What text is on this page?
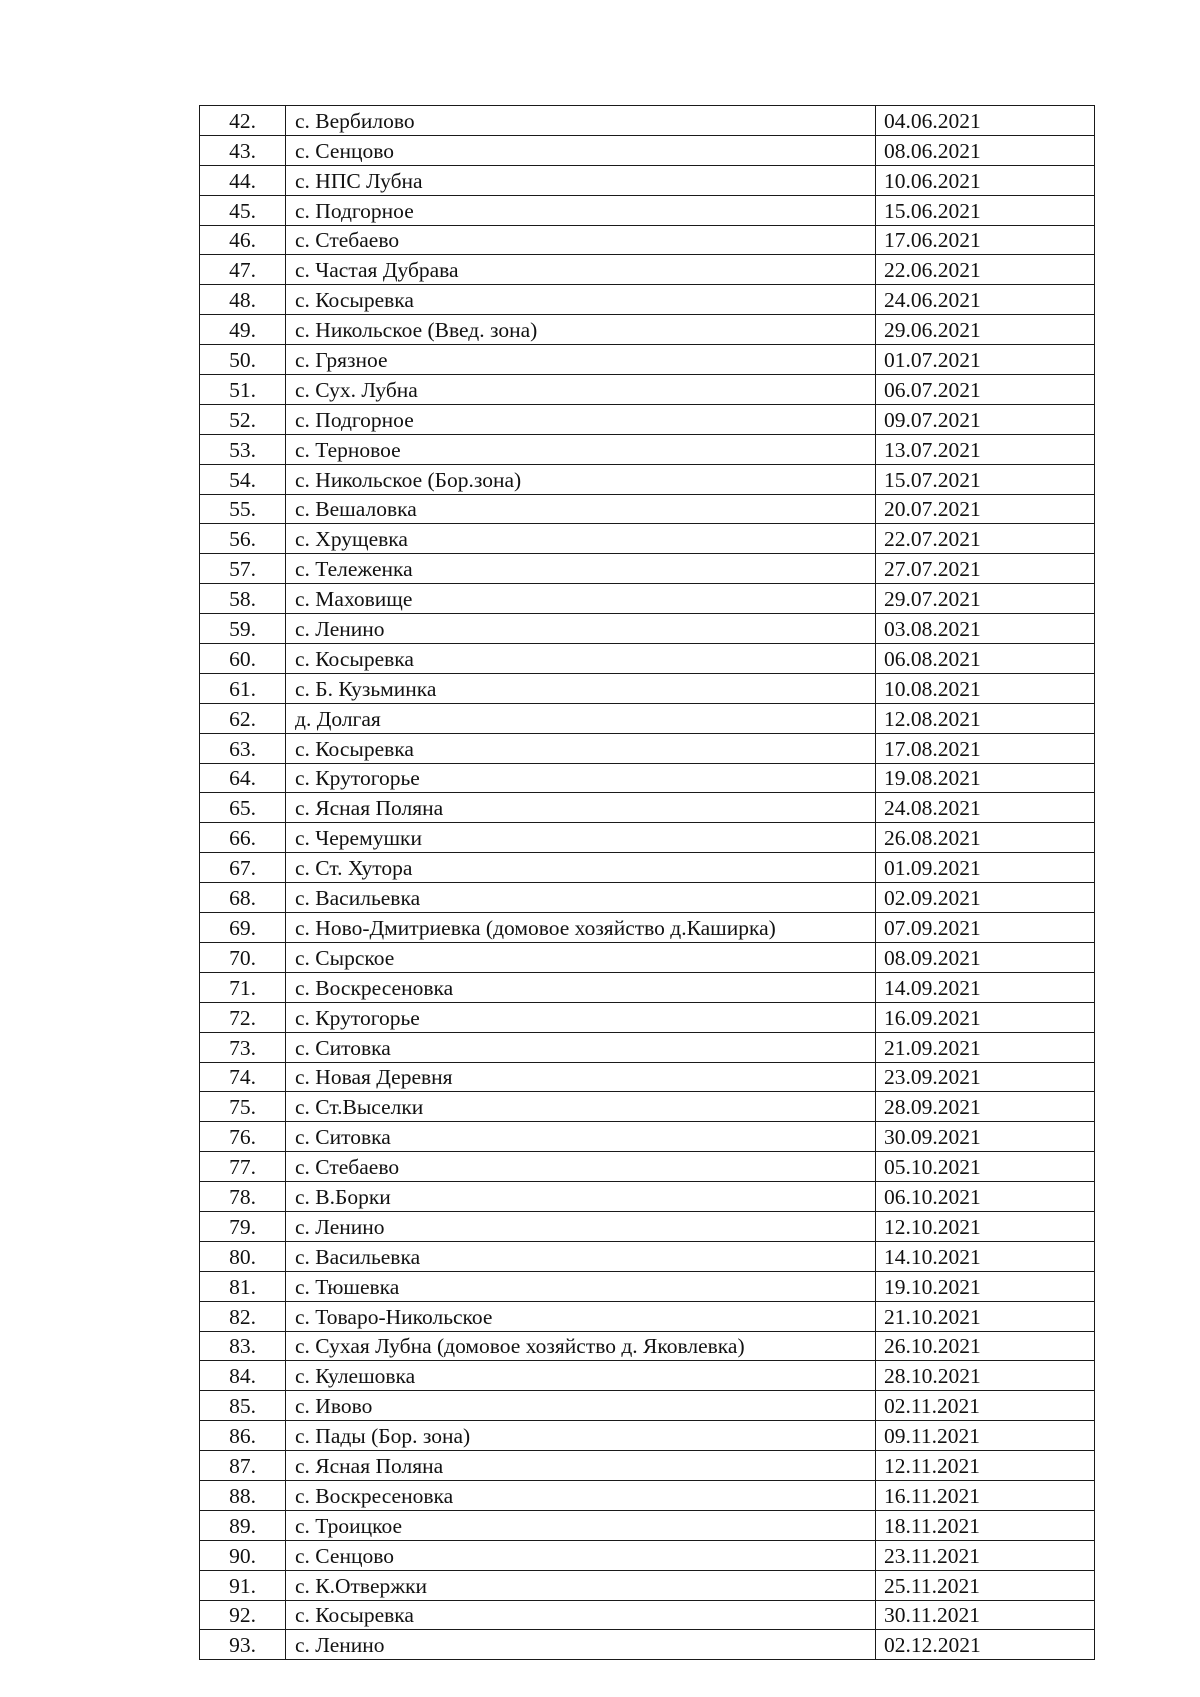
42.	с. Вербилово	04.06.2021
43.	с. Сенцово	08.06.2021
44.	с. НПС Лубна	10.06.2021
45.	с. Подгорное	15.06.2021
46.	с. Стебаево	17.06.2021
47.	с. Частая Дубрава	22.06.2021
48.	с. Косыревка	24.06.2021
49.	с. Никольское (Введ. зона)	29.06.2021
50.	с. Грязное	01.07.2021
51.	с. Сух. Лубна	06.07.2021
52.	с. Подгорное	09.07.2021
53.	с. Терновое	13.07.2021
54.	с. Никольское (Бор.зона)	15.07.2021
55.	с. Вешаловка	20.07.2021
56.	с. Хрущевка	22.07.2021
57.	с. Тележенка	27.07.2021
58.	с. Маховище	29.07.2021
59.	с. Ленино	03.08.2021
60.	с. Косыревка	06.08.2021
61.	с. Б. Кузьминка	10.08.2021
62.	д. Долгая	12.08.2021
63.	с. Косыревка	17.08.2021
64.	с. Крутогорье	19.08.2021
65.	с. Ясная Поляна	24.08.2021
66.	с. Черемушки	26.08.2021
67.	с. Ст. Хутора	01.09.2021
68.	с. Васильевка	02.09.2021
69.	с. Ново-Дмитриевка (домовое хозяйство д.Каширка)	07.09.2021
70.	с. Сырское	08.09.2021
71.	с. Воскресеновка	14.09.2021
72.	с. Крутогорье	16.09.2021
73.	с. Ситовка	21.09.2021
74.	с. Новая Деревня	23.09.2021
75.	с. Ст.Выселки	28.09.2021
76.	с. Ситовка	30.09.2021
77.	с. Стебаево	05.10.2021
78.	с. В.Борки	06.10.2021
79.	с. Ленино	12.10.2021
80.	с. Васильевка	14.10.2021
81.	с. Тюшевка	19.10.2021
82.	с. Товаро-Никольское	21.10.2021
83.	с. Сухая Лубна (домовое хозяйство д. Яковлевка)	26.10.2021
84.	с. Кулешовка	28.10.2021
85.	с. Ивово	02.11.2021
86.	с. Пады (Бор. зона)	09.11.2021
87.	с. Ясная Поляна	12.11.2021
88.	с. Воскресеновка	16.11.2021
89.	с. Троицкое	18.11.2021
90.	с. Сенцово	23.11.2021
91.	с. К.Отвержки	25.11.2021
92.	с. Косыревка	30.11.2021
93.	с. Ленино	02.12.2021
